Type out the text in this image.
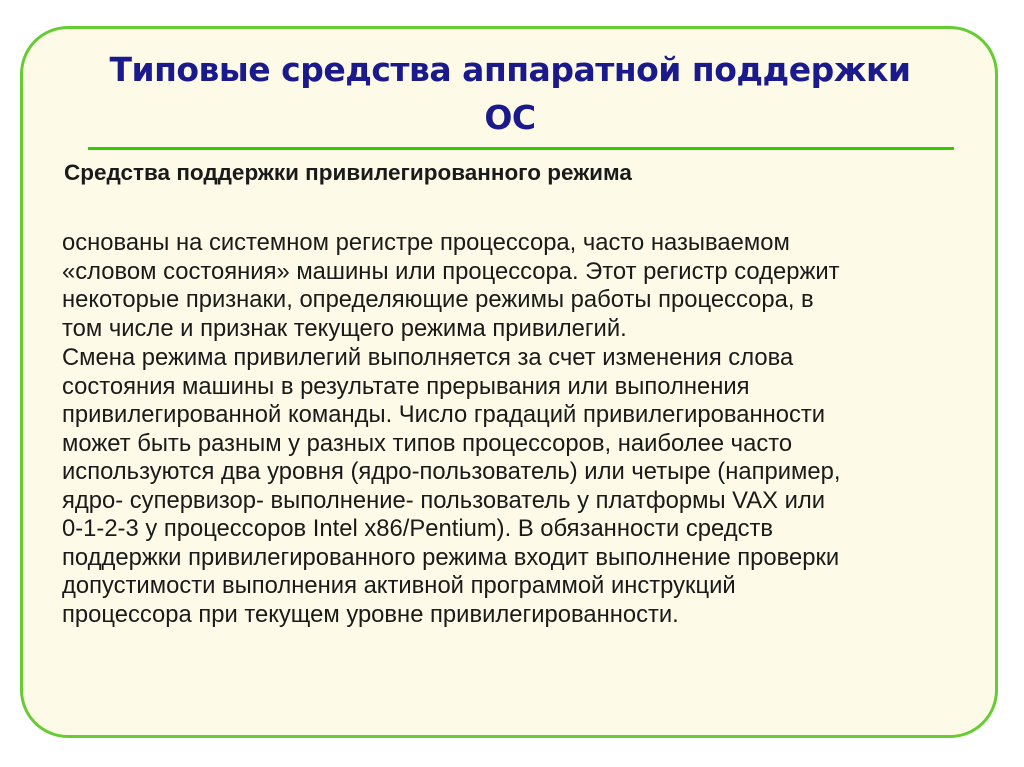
Типовые средства аппаратной поддержки
ОС
Средства поддержки привилегированного режима

основаны на системном регистре процессора, часто называемом
«словом состояния» машины или процессора. Этот регистр содержит
некоторые признаки, определяющие режимы работы процессора, в
том числе и признак текущего режима привилегий.

Смена режима привилегий выполняется за счет изменения слова
состояния машины в результате прерывания или выполнения
привилегированной команды. Число градаций привилегированности
может быть разным у разных типов процессоров, наиболее часто
используются два уровня (ядро-пользователь) или четыре (например,
ядро- супервизор- выполнение- пользователь у платформы VAX или
0-1-2-3 у процессоров Intel x86/Pentium). В обязанности средств
поддержки привилегированного режима входит выполнение проверки
допустимости выполнения активной программой инструкций
процессора при текущем уровне привилегированности.
